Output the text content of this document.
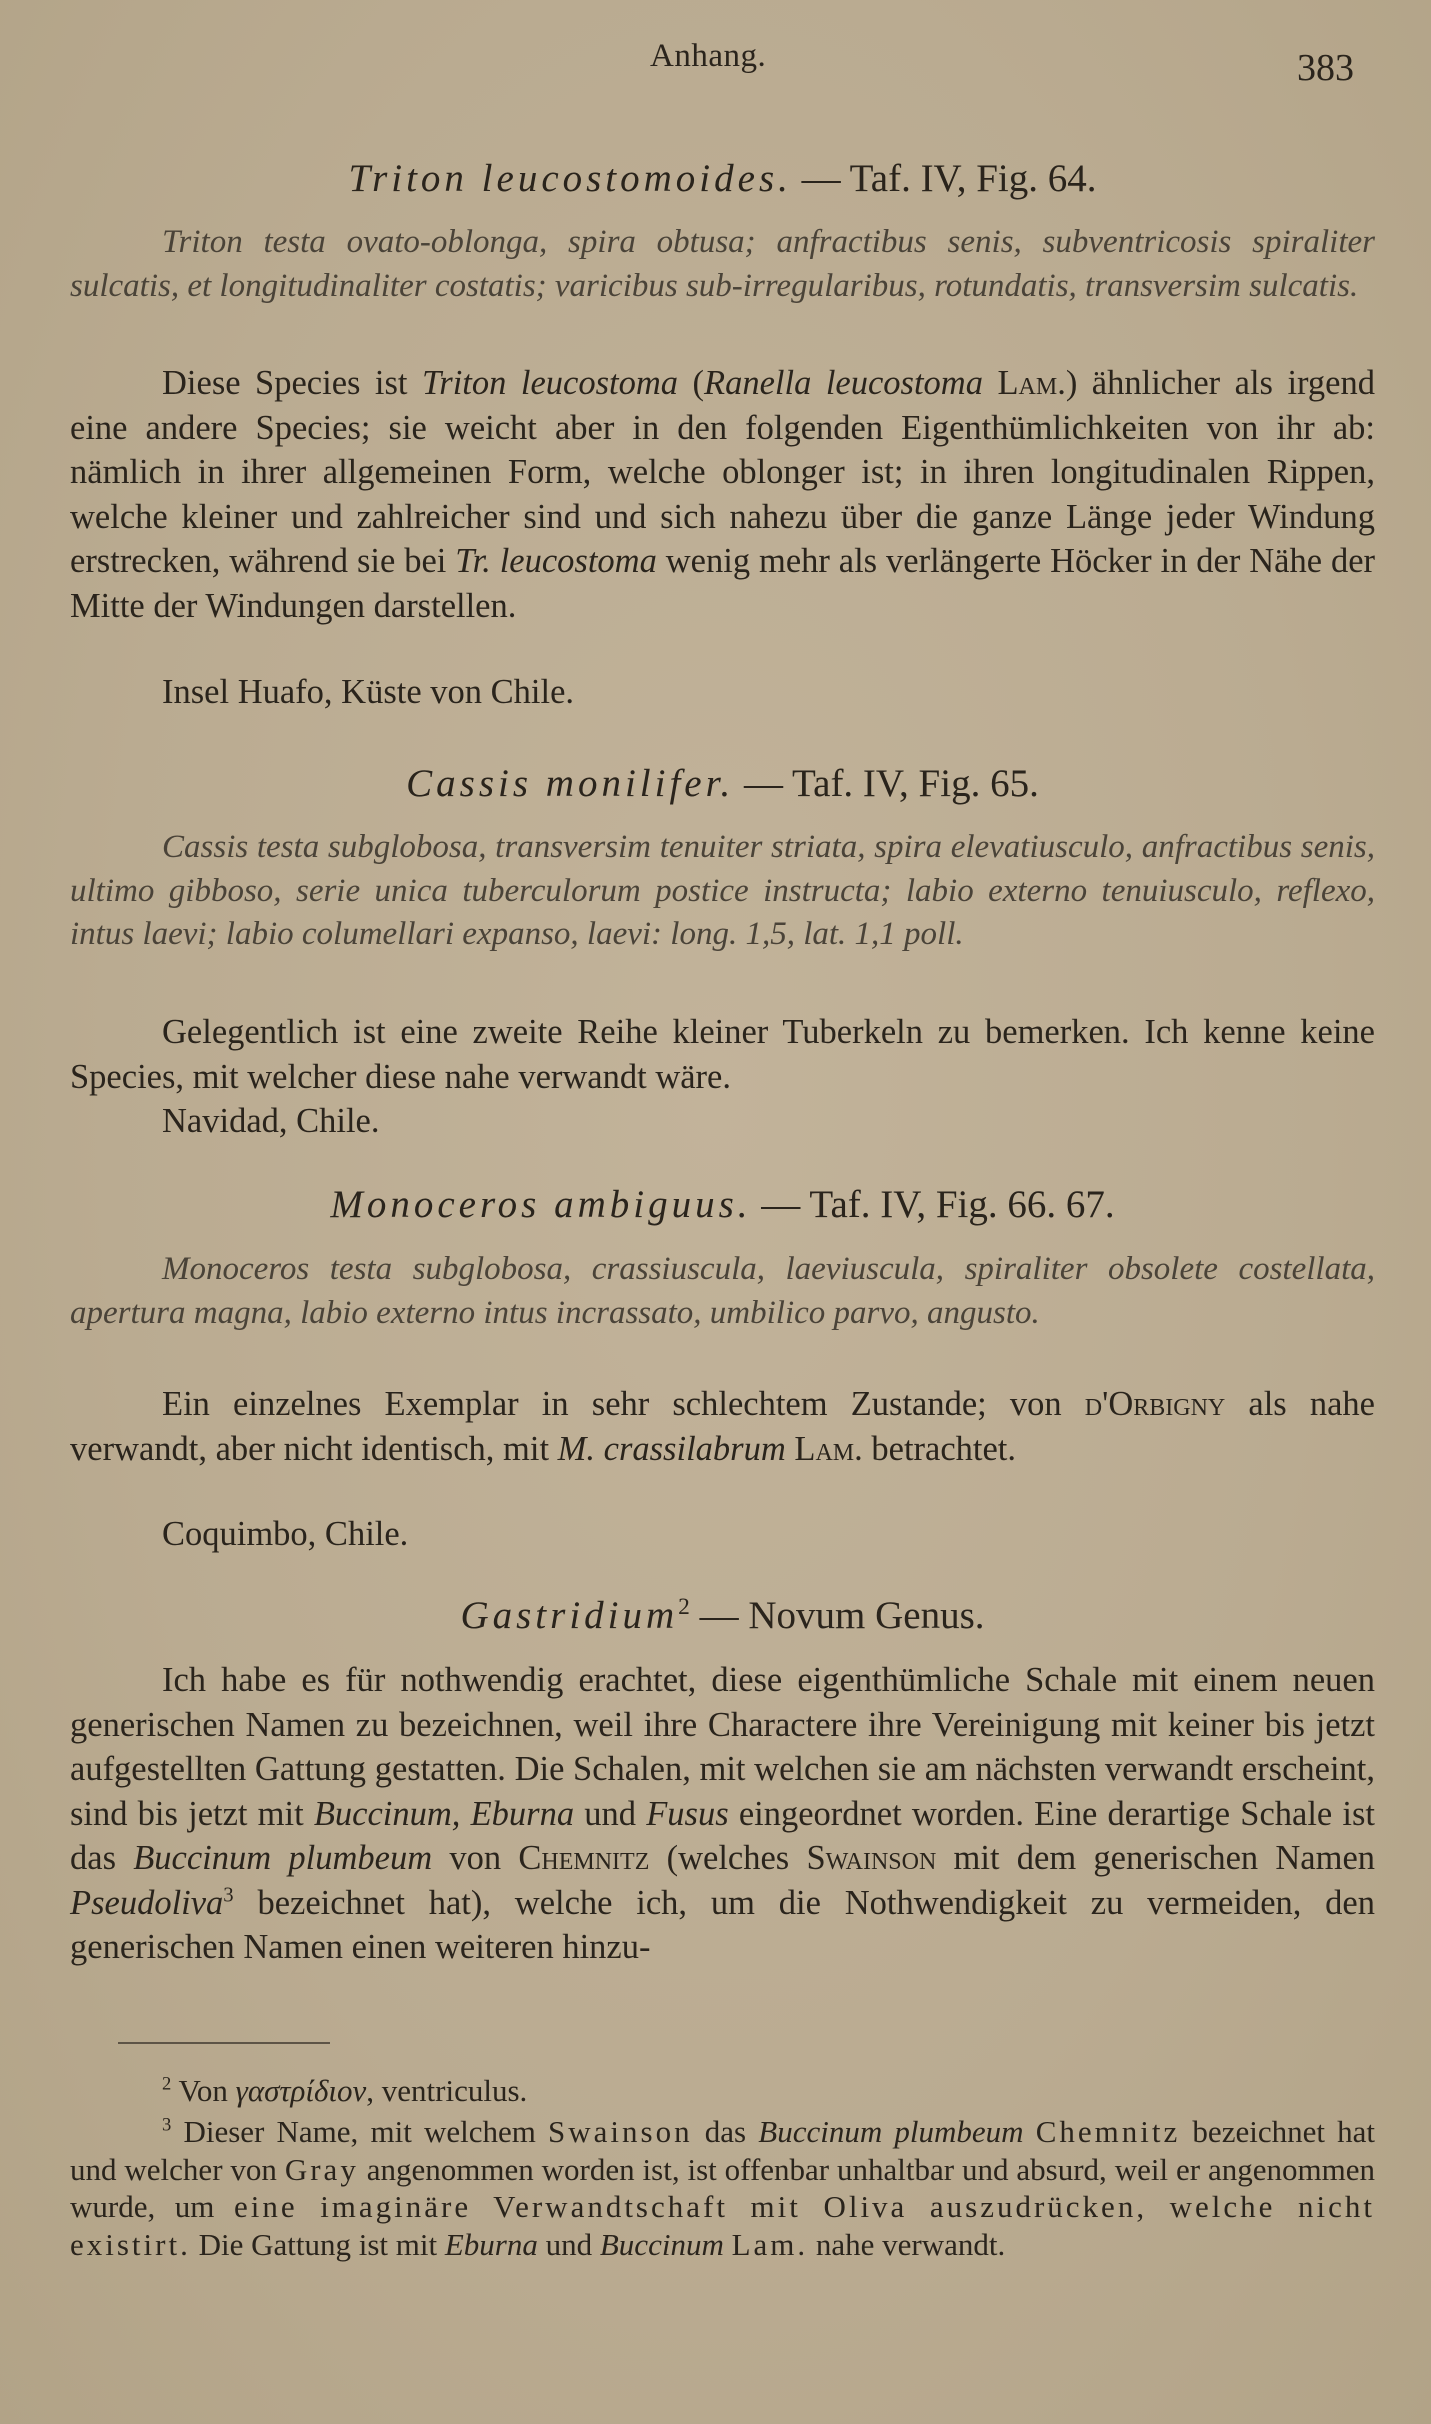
Anhang.	383
Triton leucostomoides. — Taf. IV, Fig. 64.
Triton testa ovato-oblonga, spira obtusa; anfractibus senis, subventricosis spiraliter sulcatis, et longitudinaliter costatis; varicibus sub-irregularibus, rotundatis, transversim sulcatis.
Diese Species ist Triton leucostoma (Ranella leucostoma Lam.) ähnlicher als irgend eine andere Species; sie weicht aber in den folgenden Eigenthümlichkeiten von ihr ab: nämlich in ihrer allgemeinen Form, welche oblonger ist; in ihren longitudinalen Rippen, welche kleiner und zahlreicher sind und sich nahezu über die ganze Länge jeder Windung erstrecken, während sie bei Tr. leucostoma wenig mehr als verlängerte Höcker in der Nähe der Mitte der Windungen darstellen.
Insel Huafo, Küste von Chile.
Cassis monilifer. — Taf. IV, Fig. 65.
Cassis testa subglobosa, transversim tenuiter striata, spira elevatiusculo, anfractibus senis, ultimo gibboso, serie unica tuberculorum postice instructa; labio externo tenuiusculo, reflexo, intus laevi; labio columellari expanso, laevi: long. 1,5, lat. 1,1 poll.
Gelegentlich ist eine zweite Reihe kleiner Tuberkeln zu bemerken. Ich kenne keine Species, mit welcher diese nahe verwandt wäre.
Navidad, Chile.
Monoceros ambiguus. — Taf. IV, Fig. 66. 67.
Monoceros testa subglobosa, crassiuscula, laeviuscula, spiraliter obsolete costellata, apertura magna, labio externo intus incrassato, umbilico parvo, angusto.
Ein einzelnes Exemplar in sehr schlechtem Zustande; von d'Orbigny als nahe verwandt, aber nicht identisch, mit M. crassilabrum Lam. betrachtet.
Coquimbo, Chile.
Gastridium$^2$ — Novum Genus.
Ich habe es für nothwendig erachtet, diese eigenthümliche Schale mit einem neuen generischen Namen zu bezeichnen, weil ihre Charactere ihre Vereinigung mit keiner bis jetzt aufgestellten Gattung gestatten. Die Schalen, mit welchen sie am nächsten verwandt erscheint, sind bis jetzt mit Buccinum, Eburna und Fusus eingeordnet worden. Eine derartige Schale ist das Buccinum plumbeum von Chemnitz (welches Swainson mit dem generischen Namen Pseudoliva$^3$ bezeichnet hat), welche ich, um die Nothwendigkeit zu vermeiden, den generischen Namen einen weiteren hinzu-
$^2$ Von γαστρίδιον, ventriculus.
$^3$ Dieser Name, mit welchem Swainson das Buccinum plumbeum Chemnitz bezeichnet hat und welcher von Gray angenommen worden ist, ist offenbar unhaltbar und absurd, weil er angenommen wurde, um eine imaginäre Verwandtschaft mit Oliva auszudrücken, welche nicht existirt. Die Gattung ist mit Eburna und Buccinum Lam. nahe verwandt.
